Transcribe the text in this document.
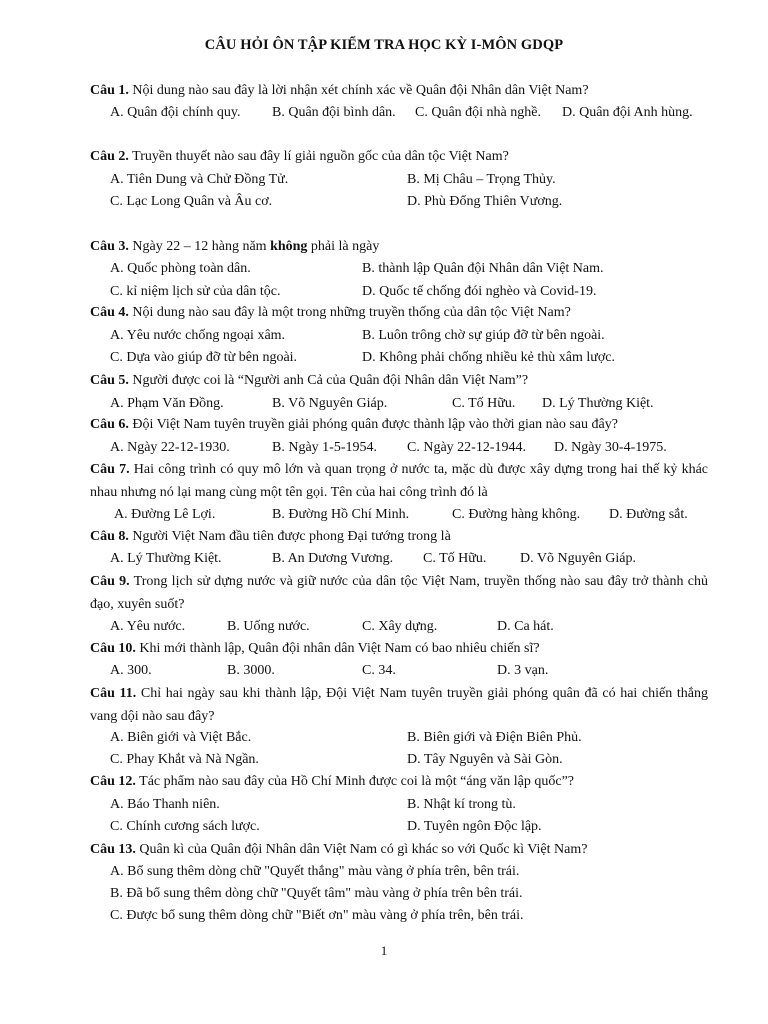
CÂU HỎI ÔN TẬP KIỂM TRA HỌC KỲ I-MÔN GDQP
Câu 1. Nội dung nào sau đây là lời nhận xét chính xác về Quân đội Nhân dân Việt Nam?
A. Quân đội chính quy. B. Quân đội bình dân. C. Quân đội nhà nghề. D. Quân đội Anh hùng.
Câu 2. Truyền thuyết nào sau đây lí giải nguồn gốc của dân tộc Việt Nam?
A. Tiên Dung và Chử Đồng Tử.	B. Mị Châu – Trọng Thủy.
C. Lạc Long Quân và Âu cơ.	D. Phù Đổng Thiên Vương.
Câu 3. Ngày 22 – 12 hàng năm không phải là ngày
A. Quốc phòng toàn dân.	B. thành lập Quân đội Nhân dân Việt Nam.
C. kỉ niệm lịch sử của dân tộc.	D. Quốc tế chống đói nghèo và Covid-19.
Câu 4. Nội dung nào sau đây là một trong những truyền thống của dân tộc Việt Nam?
A. Yêu nước chống ngoại xâm.	B. Luôn trông chờ sự giúp đỡ từ bên ngoài.
C. Dựa vào giúp đỡ từ bên ngoài.	D. Không phải chống nhiều kẻ thù xâm lược.
Câu 5. Người được coi là “Người anh Cả của Quân đội Nhân dân Việt Nam”?
A. Phạm Văn Đồng.	B. Võ Nguyên Giáp.	C. Tố Hữu. D. Lý Thường Kiệt.
Câu 6. Đội Việt Nam tuyên truyền giải phóng quân được thành lập vào thời gian nào sau đây?
A. Ngày 22-12-1930.	B. Ngày 1-5-1954. C. Ngày 22-12-1944. D. Ngày 30-4-1975.
Câu 7. Hai công trình có quy mô lớn và quan trọng ở nước ta, mặc dù được xây dựng trong hai thế kỷ khác nhau nhưng nó lại mang cùng một tên gọi. Tên của hai công trình đó là
A. Đường Lê Lợi.	B. Đường Hồ Chí Minh.	C. Đường hàng không. D. Đường sắt.
Câu 8. Người Việt Nam đầu tiên được phong Đại tướng trong là
A. Lý Thường Kiệt.	B. An Dương Vương. C. Tố Hữu. D. Võ Nguyên Giáp.
Câu 9. Trong lịch sử dựng nước và giữ nước của dân tộc Việt Nam, truyền thống nào sau đây trở thành chủ đạo, xuyên suốt?
A. Yêu nước.	B. Uống nước.	C. Xây dựng.	D. Ca hát.
Câu 10. Khi mới thành lập, Quân đội nhân dân Việt Nam có bao nhiêu chiến sĩ?
A. 300.	B. 3000.	C. 34.	D. 3 vạn.
Câu 11. Chỉ hai ngày sau khi thành lập, Đội Việt Nam tuyên truyền giải phóng quân đã có hai chiến thắng vang dội nào sau đây?
A. Biên giới và Việt Bắc.	B. Biên giới và Điện Biên Phủ.
C. Phay Khắt và Nà Ngần.	D. Tây Nguyên và Sài Gòn.
Câu 12. Tác phẩm nào sau đây của Hồ Chí Minh được coi là một “áng văn lập quốc”?
A. Báo Thanh niên.	B. Nhật kí trong tù.
C. Chính cương sách lược.	D. Tuyên ngôn Độc lập.
Câu 13. Quân kì của Quân đội Nhân dân Việt Nam có gì khác so với Quốc kì Việt Nam?
A. Bổ sung thêm dòng chữ "Quyết thắng" màu vàng ở phía trên, bên trái.
B. Đã bổ sung thêm dòng chữ "Quyết tâm" màu vàng ở phía trên bên trái.
C. Được bổ sung thêm dòng chữ "Biết ơn" màu vàng ở phía trên, bên trái.
1
